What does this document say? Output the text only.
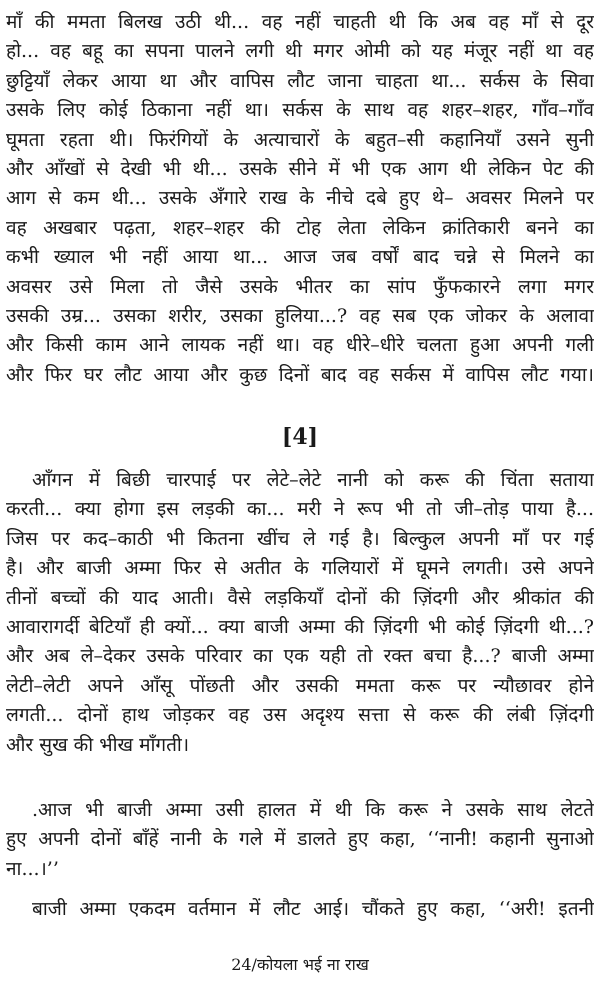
माँ की ममता बिलख उठी थी... वह नहीं चाहती थी कि अब वह माँ से दूर
हो... वह बहू का सपना पालने लगी थी मगर ओमी को यह मंजूर नहीं था वह
छुट्टियाँ लेकर आया था और वापिस लौट जाना चाहता था... सर्कस के सिवा
उसके लिए कोई ठिकाना नहीं था। सर्कस के साथ वह शहर–शहर, गाँव–गाँव
घूमता रहता थी। फिरंगियों के अत्याचारों के बहुत–सी कहानियाँ उसने सुनी
और आँखों से देखी भी थी... उसके सीने में भी एक आग थी लेकिन पेट की
आग से कम थी... उसके अँगारे राख के नीचे दबे हुए थे– अवसर मिलने पर
वह अखबार पढ़ता, शहर–शहर की टोह लेता लेकिन क्रांतिकारी बनने का
कभी ख्याल भी नहीं आया था... आज जब वर्षों बाद चन्ने से मिलने का
अवसर उसे मिला तो जैसे उसके भीतर का सांप फुँफकारने लगा मगर
उसकी उम्र... उसका शरीर, उसका हुलिया...? वह सब एक जोकर के अलावा
और किसी काम आने लायक नहीं था। वह धीरे–धीरे चलता हुआ अपनी गली
और फिर घर लौट आया और कुछ दिनों बाद वह सर्कस में वापिस लौट गया।
[4]
आँगन में बिछी चारपाई पर लेटे–लेटे नानी को करू की चिंता सताया
करती... क्या होगा इस लड़की का... मरी ने रूप भी तो जी–तोड़ पाया है...
जिस पर कद–काठी भी कितना खींच ले गई है। बिल्कुल अपनी माँ पर गई
है। और बाजी अम्मा फिर से अतीत के गलियारों में घूमने लगती। उसे अपने
तीनों बच्चों की याद आती। वैसे लड़कियाँ दोनों की ज़िंदगी और श्रीकांत की
आवारागर्दी बेटियाँ ही क्यों... क्या बाजी अम्मा की ज़िंदगी भी कोई ज़िंदगी थी...?
और अब ले–देकर उसके परिवार का एक यही तो रक्त बचा है...? बाजी अम्मा
लेटी–लेटी अपने आँसू पोंछती और उसकी ममता करू पर न्यौछावर होने
लगती... दोनों हाथ जोड़कर वह उस अदृश्य सत्ता से करू की लंबी ज़िंदगी
और सुख की भीख माँगती।
.आज भी बाजी अम्मा उसी हालत में थी कि करू ने उसके साथ लेटते
हुए अपनी दोनों बाँहें नानी के गले में डालते हुए कहा, ‘‘नानी! कहानी सुनाओ
ना...।’’
बाजी अम्मा एकदम वर्तमान में लौट आई। चौंकते हुए कहा, ‘‘अरी! इतनी
24/कोयला भई ना राख
